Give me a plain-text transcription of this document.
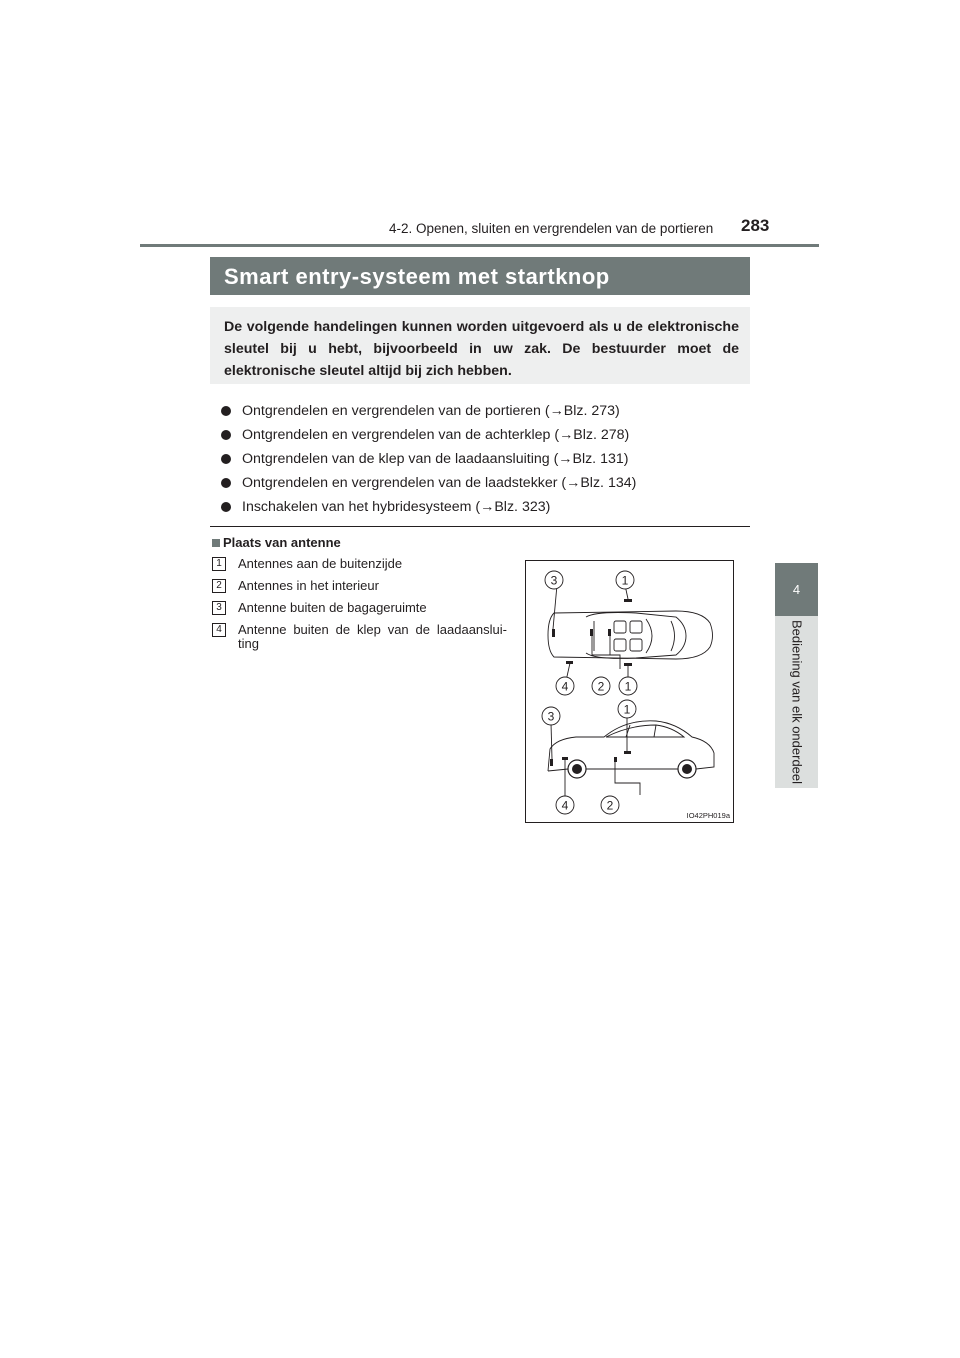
4-2. Openen, sluiten en vergrendelen van de portieren 283
4
Bediening van elk onderdeel
Smart entry-systeem met startknop
De volgende handelingen kunnen worden uitgevoerd als u de elektronische sleutel bij u hebt, bijvoorbeeld in uw zak. De bestuurder moet de elektronische sleutel altijd bij zich hebben.
Ontgrendelen en vergrendelen van de portieren (→Blz. 273)
Ontgrendelen en vergrendelen van de achterklep (→Blz. 278)
Ontgrendelen van de klep van de laadaansluiting (→Blz. 131)
Ontgrendelen en vergrendelen van de laadstekker (→Blz. 134)
Inschakelen van het hybridesysteem (→Blz. 323)
Plaats van antenne
1	Antennes aan de buitenzijde
2	Antennes in het interieur
3	Antenne buiten de bagageruimte
4	Antenne buiten de klep van de laadaanslui- ting
3	1
4 2 1
3	1
4	2
IO42PH019a
